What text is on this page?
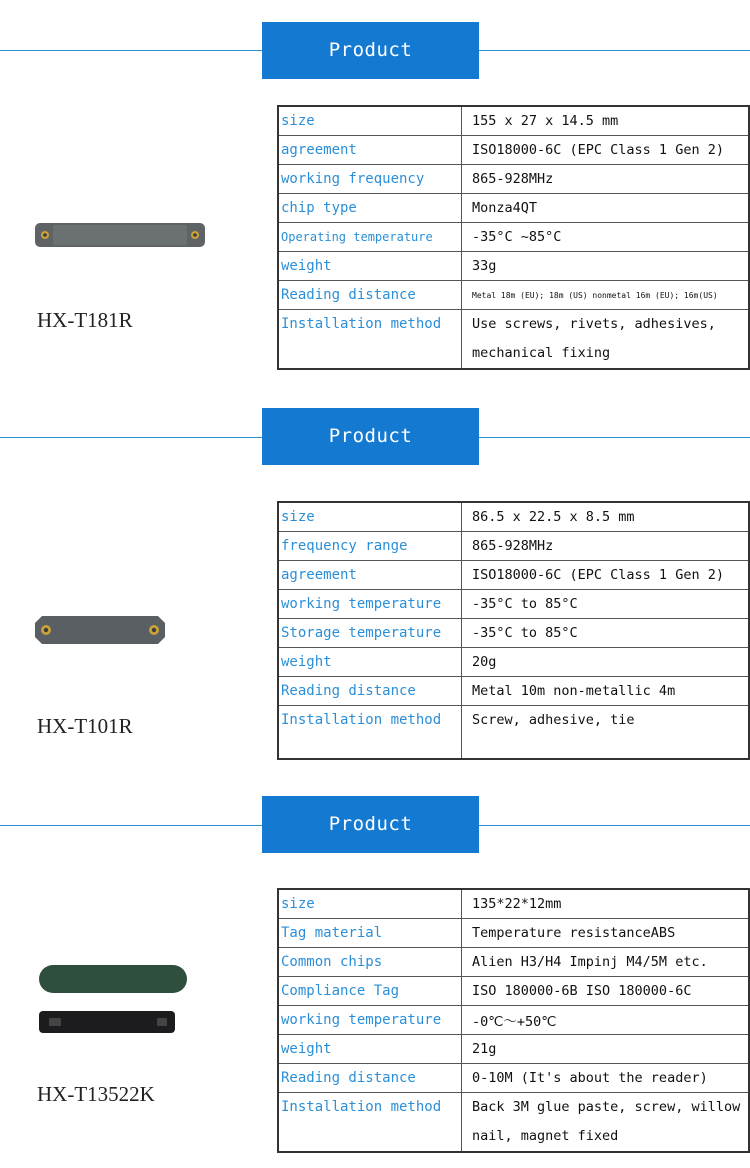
Product information
HX-T181R
size	155 x 27 x 14.5 mm
agreement	ISO18000-6C (EPC Class 1 Gen 2)
working frequency	865-928MHz
chip type	Monza4QT
Operating temperature	-35°C ~85°C
weight	33g
Reading distance	Metal 18m (EU); 18m (US) nonmetal 16m (EU); 16m(US)
Installation method	Use screws, rivets, adhesives, mechanical fixing
Product information
HX-T101R
size	86.5 x 22.5 x 8.5 mm
frequency range	865-928MHz
agreement	ISO18000-6C (EPC Class 1 Gen 2)
working temperature	-35°C to 85°C
Storage temperature	-35°C to 85°C
weight	20g
Reading distance	Metal 10m non-metallic 4m
Installation method	Screw, adhesive, tie
Product information
HX-T13522K
size	135*22*12mm
Tag material	Temperature resistanceABS
Common chips	Alien H3/H4 Impinj M4/5M etc.
Compliance Tag	ISO 180000-6B ISO 180000-6C
working temperature	-0℃～+50℃
weight	21g
Reading distance	0-10M (It's about the reader)
Installation method	Back 3M glue paste, screw, willow nail, magnet fixed
